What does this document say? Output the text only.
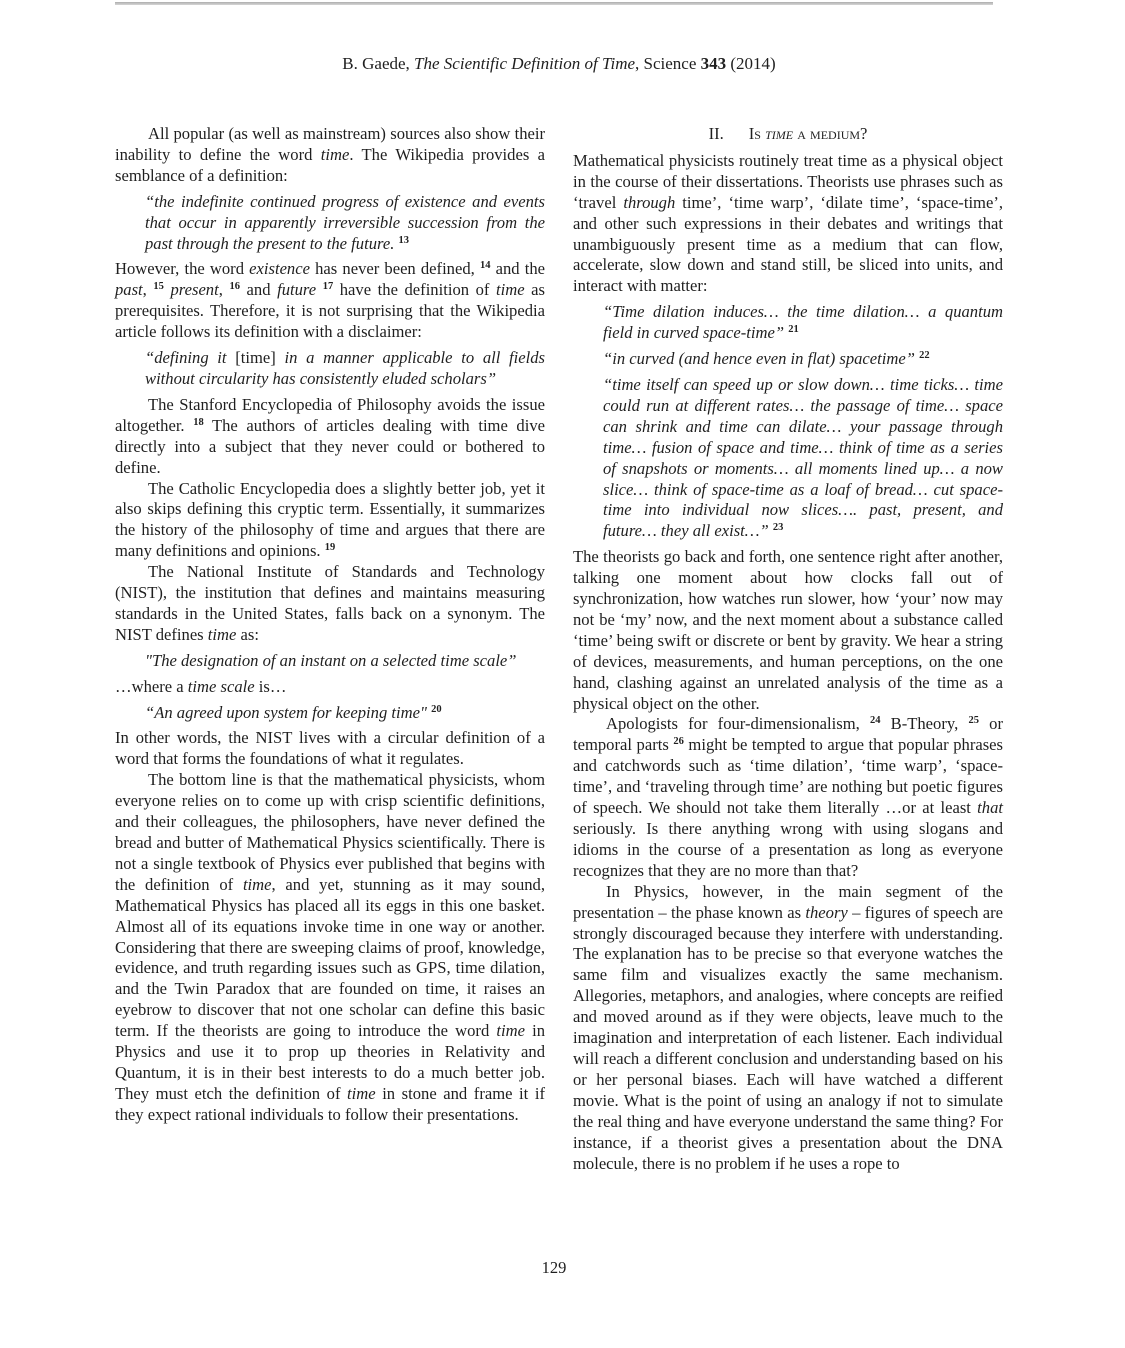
B. Gaede, The Scientific Definition of Time, Science 343 (2014)
All popular (as well as mainstream) sources also show their inability to define the word time. The Wikipedia provides a semblance of a definition:
“the indefinite continued progress of existence and events that occur in apparently irreversible succession from the past through the present to the future. $^{13}$
However, the word existence has never been defined, $^{14}$ and the past, $^{15}$ present, $^{16}$ and future $^{17}$ have the definition of time as prerequisites. Therefore, it is not surprising that the Wikipedia article follows its definition with a disclaimer:
“defining it [time] in a manner applicable to all fields without circularity has consistently eluded scholars”
The Stanford Encyclopedia of Philosophy avoids the issue altogether. $^{18}$ The authors of articles dealing with time dive directly into a subject that they never could or bothered to define.
The Catholic Encyclopedia does a slightly better job, yet it also skips defining this cryptic term. Essentially, it summarizes the history of the philosophy of time and argues that there are many definitions and opinions. $^{19}$
The National Institute of Standards and Technology (NIST), the institution that defines and maintains measuring standards in the United States, falls back on a synonym. The NIST defines time as:
"The designation of an instant on a selected time scale”
…where a time scale is…
“An agreed upon system for keeping time" $^{20}$
In other words, the NIST lives with a circular definition of a word that forms the foundations of what it regulates.
The bottom line is that the mathematical physicists, whom everyone relies on to come up with crisp scientific definitions, and their colleagues, the philosophers, have never defined the bread and butter of Mathematical Physics scientifically. There is not a single textbook of Physics ever published that begins with the definition of time, and yet, stunning as it may sound, Mathematical Physics has placed all its eggs in this one basket. Almost all of its equations invoke time in one way or another. Considering that there are sweeping claims of proof, knowledge, evidence, and truth regarding issues such as GPS, time dilation, and the Twin Paradox that are founded on time, it raises an eyebrow to discover that not one scholar can define this basic term. If the theorists are going to introduce the word time in Physics and use it to prop up theories in Relativity and Quantum, it is in their best interests to do a much better job. They must etch the definition of time in stone and frame it if they expect rational individuals to follow their presentations.
II.  Is time a medium?
Mathematical physicists routinely treat time as a physical object in the course of their dissertations. Theorists use phrases such as ‘travel through time’, ‘time warp’, ‘dilate time’, ‘space-time’, and other such expressions in their debates and writings that unambiguously present time as a medium that can flow, accelerate, slow down and stand still, be sliced into units, and interact with matter:
“Time dilation induces… the time dilation… a quantum field in curved space-time” $^{21}$
“in curved (and hence even in flat) spacetime” $^{22}$
“time itself can speed up or slow down… time ticks… time could run at different rates… the passage of time… space can shrink and time can dilate… your passage through time… fusion of space and time… think of time as a series of snapshots or moments… all moments lined up… a now slice… think of space-time as a loaf of bread… cut space-time into individual now slices…. past, present, and future… they all exist…” $^{23}$
The theorists go back and forth, one sentence right after another, talking one moment about how clocks fall out of synchronization, how watches run slower, how ‘your’ now may not be ‘my’ now, and the next moment about a substance called ‘time’ being swift or discrete or bent by gravity. We hear a string of devices, measurements, and human perceptions, on the one hand, clashing against an unrelated analysis of the time as a physical object on the other.
Apologists for four-dimensionalism, $^{24}$ B-Theory, $^{25}$ or temporal parts $^{26}$ might be tempted to argue that popular phrases and catchwords such as ‘time dilation’, ‘time warp’, ‘space-time’, and ‘traveling through time’ are nothing but poetic figures of speech. We should not take them literally …or at least that seriously. Is there anything wrong with using slogans and idioms in the course of a presentation as long as everyone recognizes that they are no more than that?
In Physics, however, in the main segment of the presentation – the phase known as theory – figures of speech are strongly discouraged because they interfere with understanding. The explanation has to be precise so that everyone watches the same film and visualizes exactly the same mechanism. Allegories, metaphors, and analogies, where concepts are reified and moved around as if they were objects, leave much to the imagination and interpretation of each listener. Each individual will reach a different conclusion and understanding based on his or her personal biases. Each will have watched a different movie. What is the point of using an analogy if not to simulate the real thing and have everyone understand the same thing? For instance, if a theorist gives a presentation about the DNA molecule, there is no problem if he uses a rope to
129
